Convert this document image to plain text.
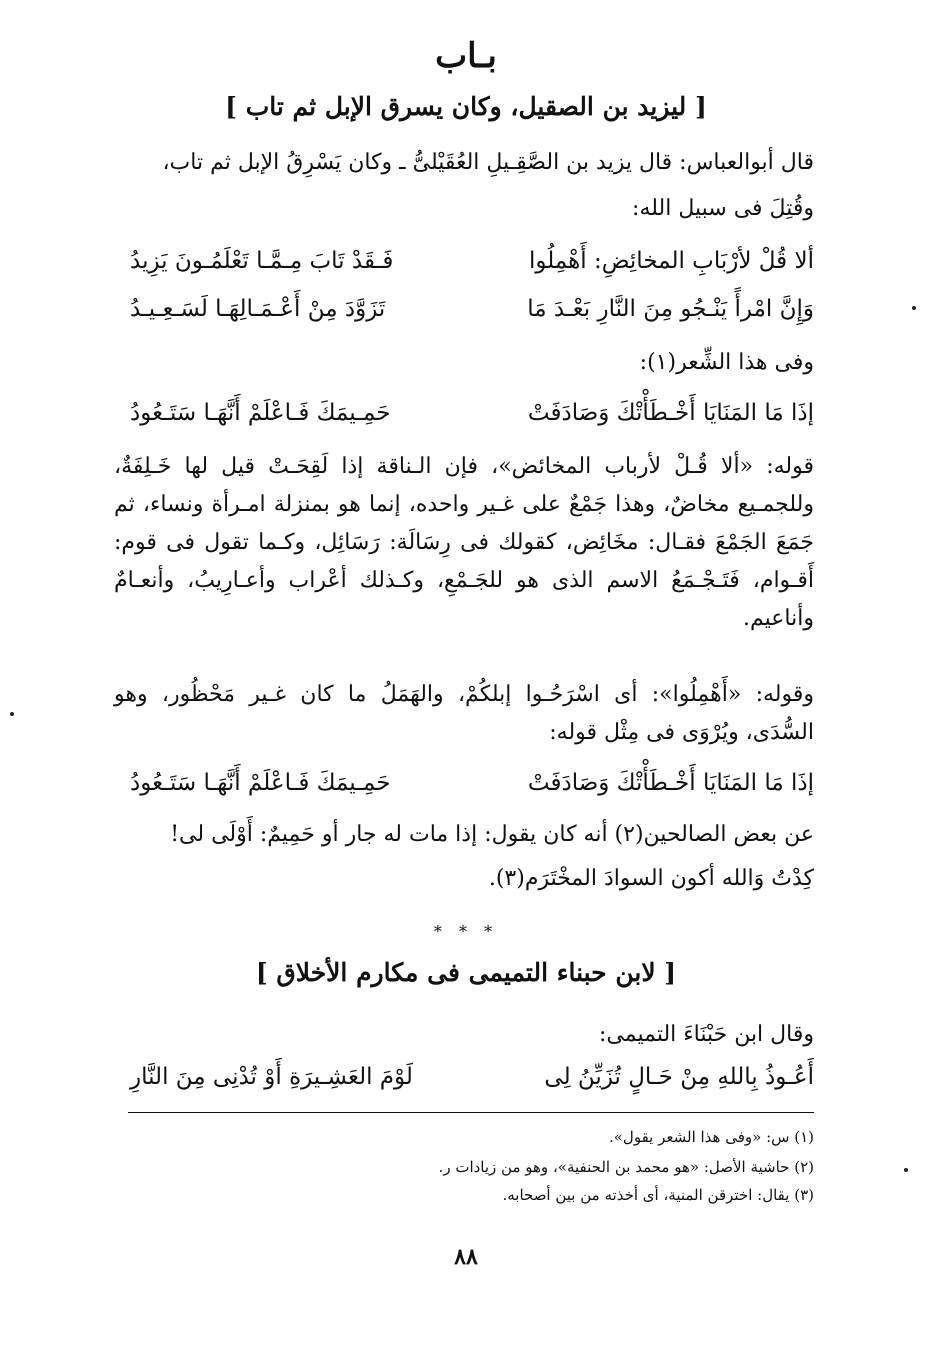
بـاب
[ ليزيد بن الصقيل، وكان يسرق الإبل ثم تاب ]
قال أبوالعباس: قال يزيد بن الصَّقِـيلِ العُقَيْلىُّ ـ وكان يَسْرِقُ الإبل ثم تاب،
وقُتِلَ فى سبيل الله:
ألا قُلْ لأرْبَابِ المخائِضِ: أَهْمِلُوا
فَـقَدْ تَابَ مِـمَّـا تَعْلَمُـونَ يَزِيدُ
وَإِنَّ امْرأً يَنْـجُو مِنَ النَّارِ بَعْـدَ مَا
تَزَوَّدَ مِنْ أَعْـمَـالِهَـا لَسَـعِـيـدُ
وفى هذا الشِّعر(١):
إذَا مَا المَنَايَا أَخْـطَأْتْكَ وَصَادَفَتْ
حَمِـيمَكَ فَـاعْلَمْ أَنَّهَـا سَتَـعُودُ
قوله: «ألا قُـلْ لأرباب المخائض»، فإن الـناقة إذا لَقِحَـتْ قيل لها خَـلِفَةٌ، وللجمـيع مخاضٌ، وهذا جَمْعٌ على غـير واحده، إنما هو بمنزلة امـرأة ونساء، ثم جَمَعَ الجَمْعَ فقـال: مخَائِض، كقولك فى رِسَالَة: رَسَائِل، وكـما تقول فى قوم: أَقـوام، فَتَـجْـمَعُ الاسم الذى هو للجَـمْعِ، وكـذلك أعْراب وأعـارِيبُ، وأنعـامٌ وأناعيم.
وقوله: «أَهْمِلُوا»: أى اسْرَحُـوا إبلكُمْ، والهَمَلُ ما كان غـير مَحْظُور، وهو السُّدَى، ويُرْوَى فى مِثْل قوله:
إذَا مَا المَنَايَا أَخْـطَأْتْكَ وَصَادَفَتْ
حَمِـيمَكَ فَـاعْلَمْ أَنَّهَـا سَتَـعُودُ
عن بعض الصالحين(٢) أنه كان يقول: إذا مات له جار أو حَمِيمٌ: أَوْلَى لى!
كِدْتُ وَالله أكون السوادَ المخْتَرَم(٣).
* * *
[ لابن حبناء التميمى فى مكارم الأخلاق ]
وقال ابن حَبْنَاءَ التميمى:
أَعُـوذُ بِاللهِ مِنْ حَـالٍ تُزَيِّنُ لِى
لَوْمَ العَشِـيرَةِ أَوْ تُدْنِى مِنَ النَّارِ
(١) س: «وفى هذا الشعر يقول».
(٢) حاشية الأصل: «هو محمد بن الحنفية»، وهو من زيادات ر.
(٣) يقال: اخترقن المنية، أى أخذته من بين أصحابه.
٨٨
